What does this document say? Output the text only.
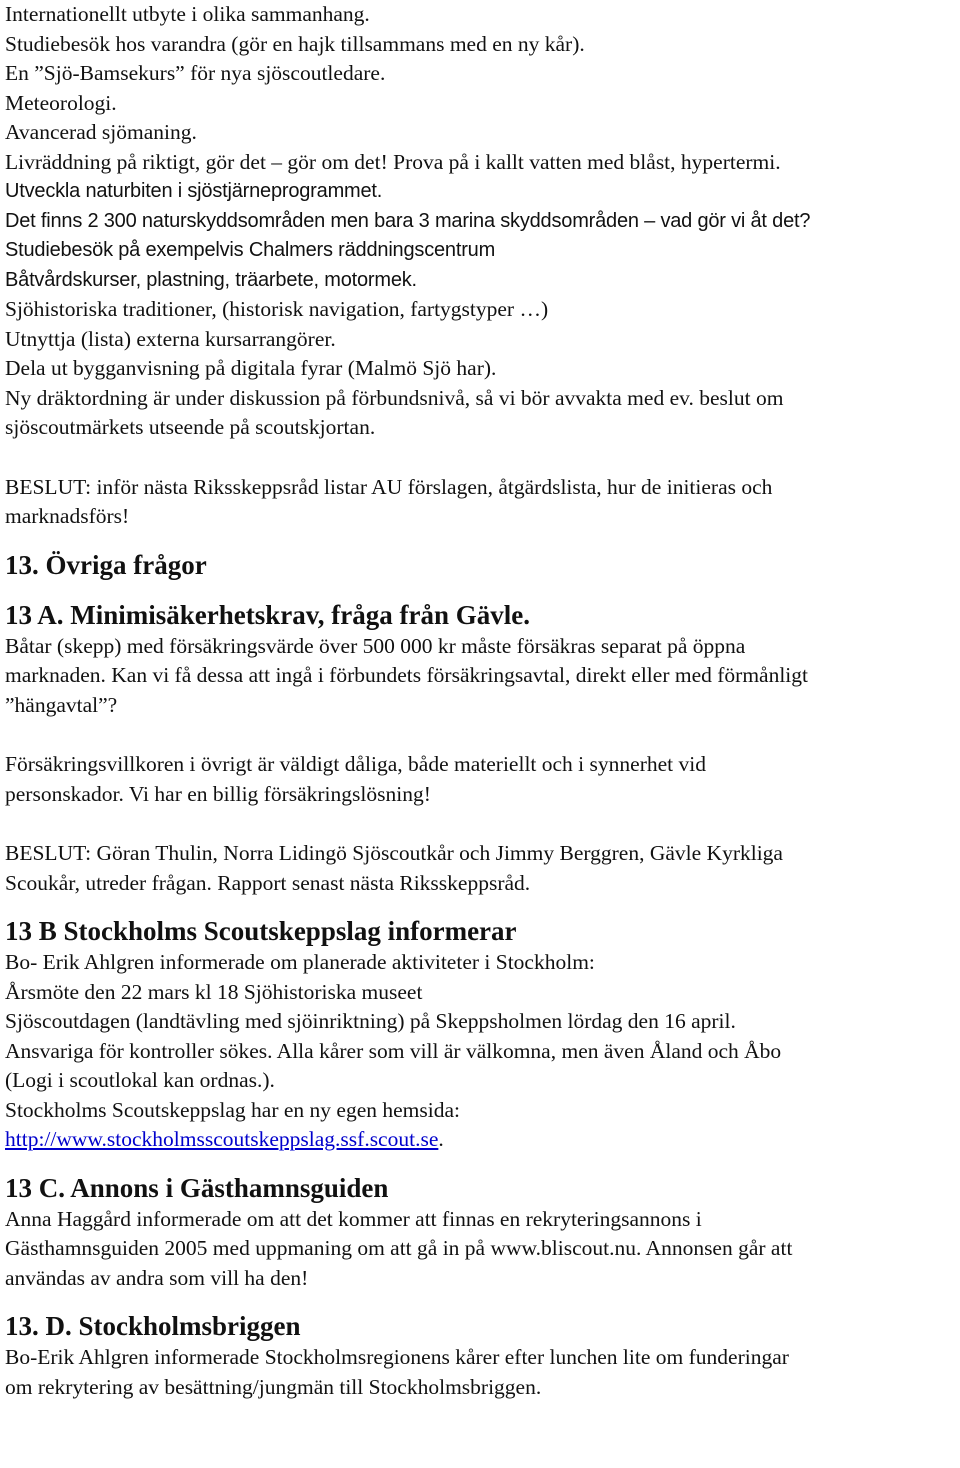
Internationellt utbyte i olika sammanhang.
Studiebesök hos varandra (gör en hajk tillsammans med en ny kår).
En ”Sjö-Bamsekurs” för nya sjöscoutledare.
Meteorologi.
Avancerad sjömaning.
Livräddning på riktigt, gör det – gör om det! Prova på i kallt vatten med blåst, hypertermi.
Utveckla naturbiten i sjöstjärneprogrammet.
Det finns 2 300 naturskyddsområden men bara 3 marina skyddsområden – vad gör vi åt det?
Studiebesök på exempelvis Chalmers räddningscentrum
Båtvårdskurser, plastning, träarbete, motormek.
Sjöhistoriska traditioner, (historisk navigation, fartygstyper …)
Utnyttja (lista) externa kursarrangörer.
Dela ut bygganvisning på digitala fyrar (Malmö Sjö har).
Ny dräktordning är under diskussion på förbundsnivå, så vi bör avvakta med ev. beslut om
sjöscoutmärkets utseende på scoutskjortan.
BESLUT: inför nästa Riksskeppsråd listar AU förslagen, åtgärdslista, hur de initieras och
marknadsförs!
13. Övriga frågor
13 A. Minimisäkerhetskrav, fråga från Gävle.
Båtar (skepp) med försäkringsvärde över 500 000 kr måste försäkras separat på öppna
marknaden. Kan vi få dessa att ingå i förbundets försäkringsavtal, direkt eller med förmånligt
”hängavtal”?
Försäkringsvillkoren i övrigt är väldigt dåliga, både materiellt och i synnerhet vid
personskador. Vi har en billig försäkringslösning!
BESLUT: Göran Thulin, Norra Lidingö Sjöscoutkår och Jimmy Berggren, Gävle Kyrkliga
Scoukår, utreder frågan. Rapport senast nästa Riksskeppsråd.
13 B Stockholms Scoutskeppslag informerar
Bo- Erik Ahlgren informerade om planerade aktiviteter i Stockholm:
Årsmöte den 22 mars kl 18 Sjöhistoriska museet
Sjöscoutdagen (landtävling med sjöinriktning) på Skeppsholmen lördag den 16 april.
Ansvariga för kontroller sökes. Alla kårer som vill är välkomna, men även Åland och Åbo
(Logi i scoutlokal kan ordnas.).
Stockholms Scoutskeppslag har en ny egen hemsida:
http://www.stockholmsscoutskeppslag.ssf.scout.se.
13 C. Annons i Gästhamnsguiden
Anna Haggård informerade om att det kommer att finnas en rekryteringsannons i
Gästhamnsguiden 2005 med uppmaning om att gå in på www.bliscout.nu. Annonsen går att
användas av andra som vill ha den!
13. D. Stockholmsbriggen
Bo-Erik Ahlgren informerade Stockholmsregionens kårer efter lunchen lite om funderingar
om rekrytering av besättning/jungmän till Stockholmsbriggen.
